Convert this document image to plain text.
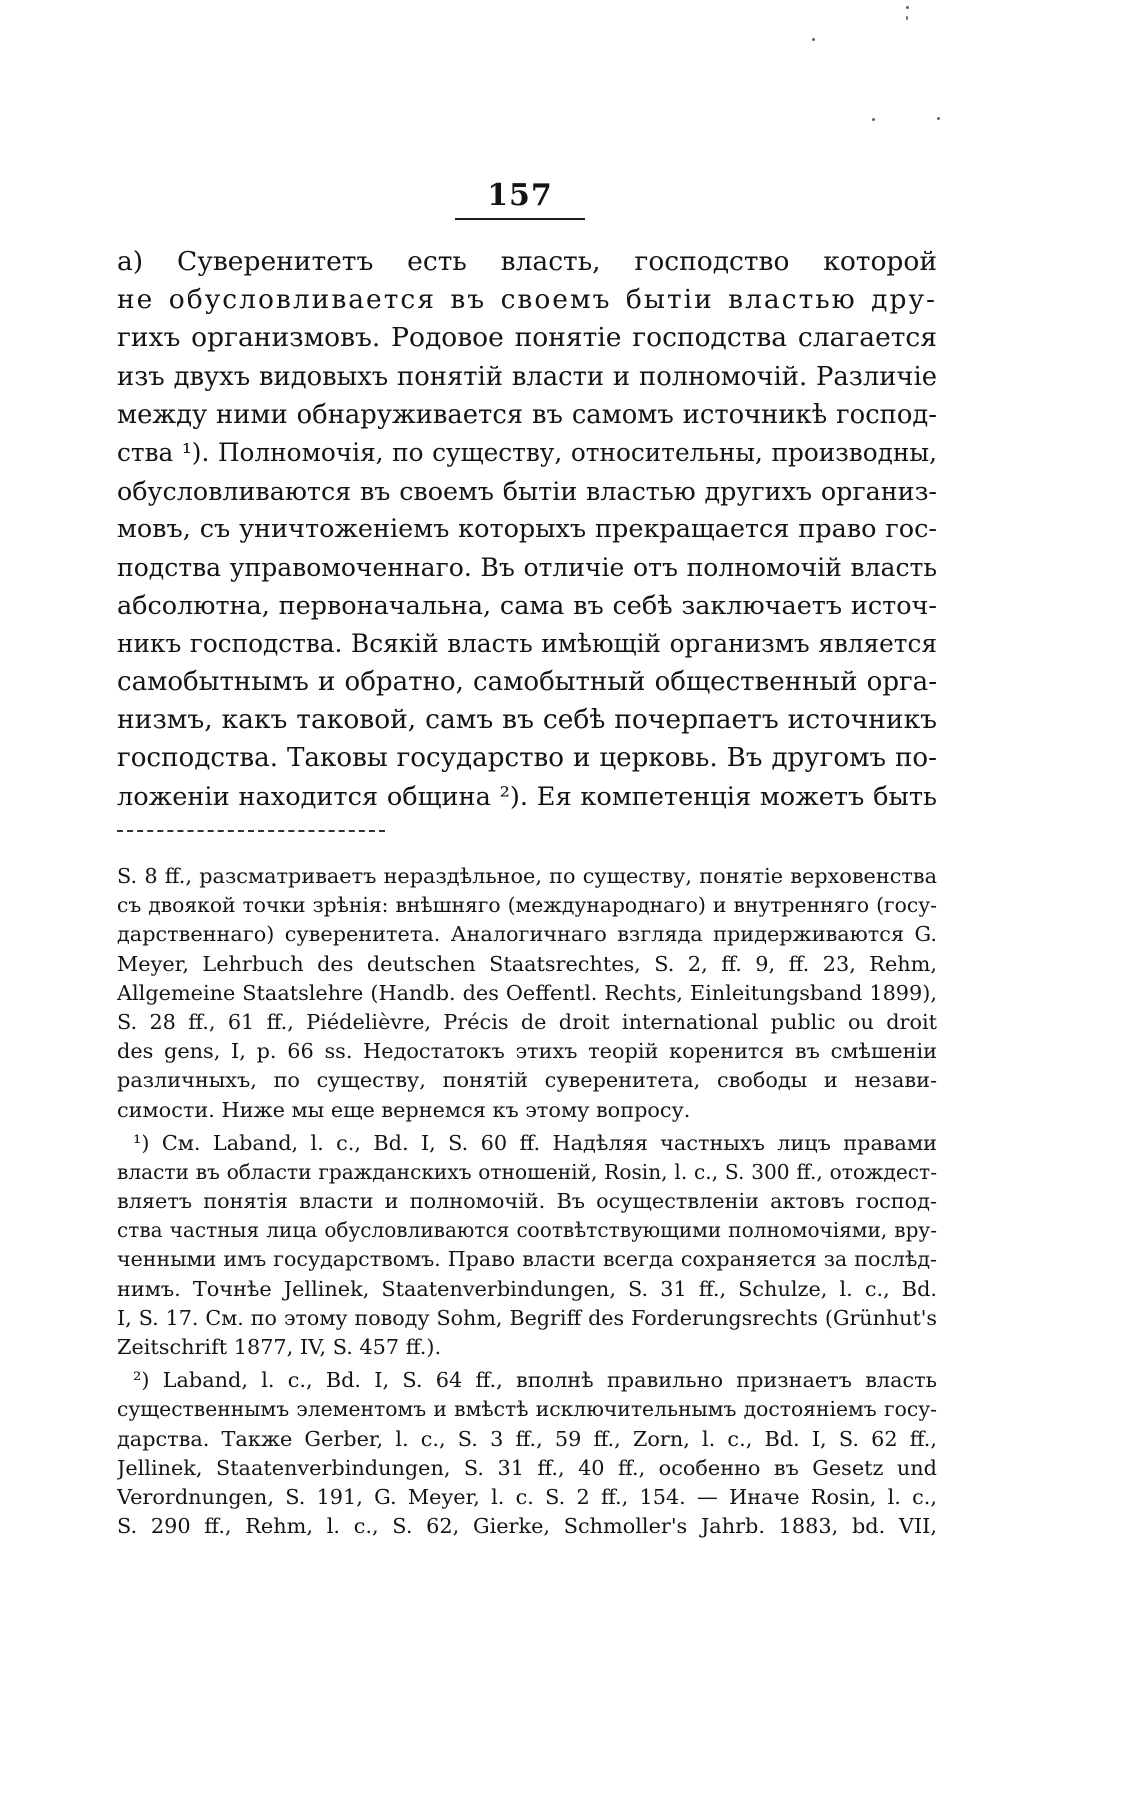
157
а) Суверенитетъ есть власть, господство которой
не обусловливается въ своемъ бытіи властью дру-
гихъ организмовъ. Родовое понятіе господства слагается
изъ двухъ видовыхъ понятій власти и полномочій. Различіе
между ними обнаруживается въ самомъ источникѣ господ-
ства ¹). Полномочія, по существу, относительны, производны,
обусловливаются въ своемъ бытіи властью другихъ организ-
мовъ, съ уничтоженіемъ которыхъ прекращается право гос-
подства управомоченнаго. Въ отличіе отъ полномочій власть
абсолютна, первоначальна, сама въ себѣ заключаетъ источ-
никъ господства. Всякій власть имѣющій организмъ является
самобытнымъ и обратно, самобытный общественный орга-
низмъ, какъ таковой, самъ въ себѣ почерпаетъ источникъ
господства. Таковы государство и церковь. Въ другомъ по-
ложеніи находится община ²). Ея компетенція можетъ быть
S. 8 ff., разсматриваетъ нераздѣльное, по существу, понятіе верховенства
съ двоякой точки зрѣнія: внѣшняго (международнаго) и внутренняго (госу-
дарственнаго) суверенитета. Аналогичнаго взгляда придерживаются G.
Meyer, Lehrbuch des deutschen Staatsrechtes, S. 2, ff. 9, ff. 23, Rehm,
Allgemeine Staatslehre (Handb. des Oeffentl. Rechts, Einleitungsband 1899),
S. 28 ff., 61 ff., Piédelièvre, Précis de droit international public ou droit
des gens, I, p. 66 ss. Недостатокъ этихъ теорій коренится въ смѣшеніи
различныхъ, по существу, понятій суверенитета, свободы и незави-
симости. Ниже мы еще вернемся къ этому вопросу.
¹) См. Laband, l. c., Bd. I, S. 60 ff. Надѣляя частныхъ лицъ правами
власти въ области гражданскихъ отношеній, Rosin, l. c., S. 300 ff., отождест-
вляетъ понятія власти и полномочій. Въ осуществленіи актовъ господ-
ства частныя лица обусловливаются соотвѣтствующими полномочіями, вру-
ченными имъ государствомъ. Право власти всегда сохраняется за послѣд-
нимъ. Точнѣе Jellinek, Staatenverbindungen, S. 31 ff., Schulze, l. c., Bd.
I, S. 17. См. по этому поводу Sohm, Begriff des Forderungsrechts (Grünhut's
Zeitschrift 1877, IV, S. 457 ff.).
²) Laband, l. c., Bd. I, S. 64 ff., вполнѣ правильно признаетъ власть
существеннымъ элементомъ и вмѣстѣ исключительнымъ достояніемъ госу-
дарства. Также Gerber, l. c., S. 3 ff., 59 ff., Zorn, l. c., Bd. I, S. 62 ff.,
Jellinek, Staatenverbindungen, S. 31 ff., 40 ff., особенно въ Gesetz und
Verordnungen, S. 191, G. Meyer, l. c. S. 2 ff., 154. — Иначе Rosin, l. c.,
S. 290 ff., Rehm, l. c., S. 62, Gierke, Schmoller's Jahrb. 1883, bd. VII,
